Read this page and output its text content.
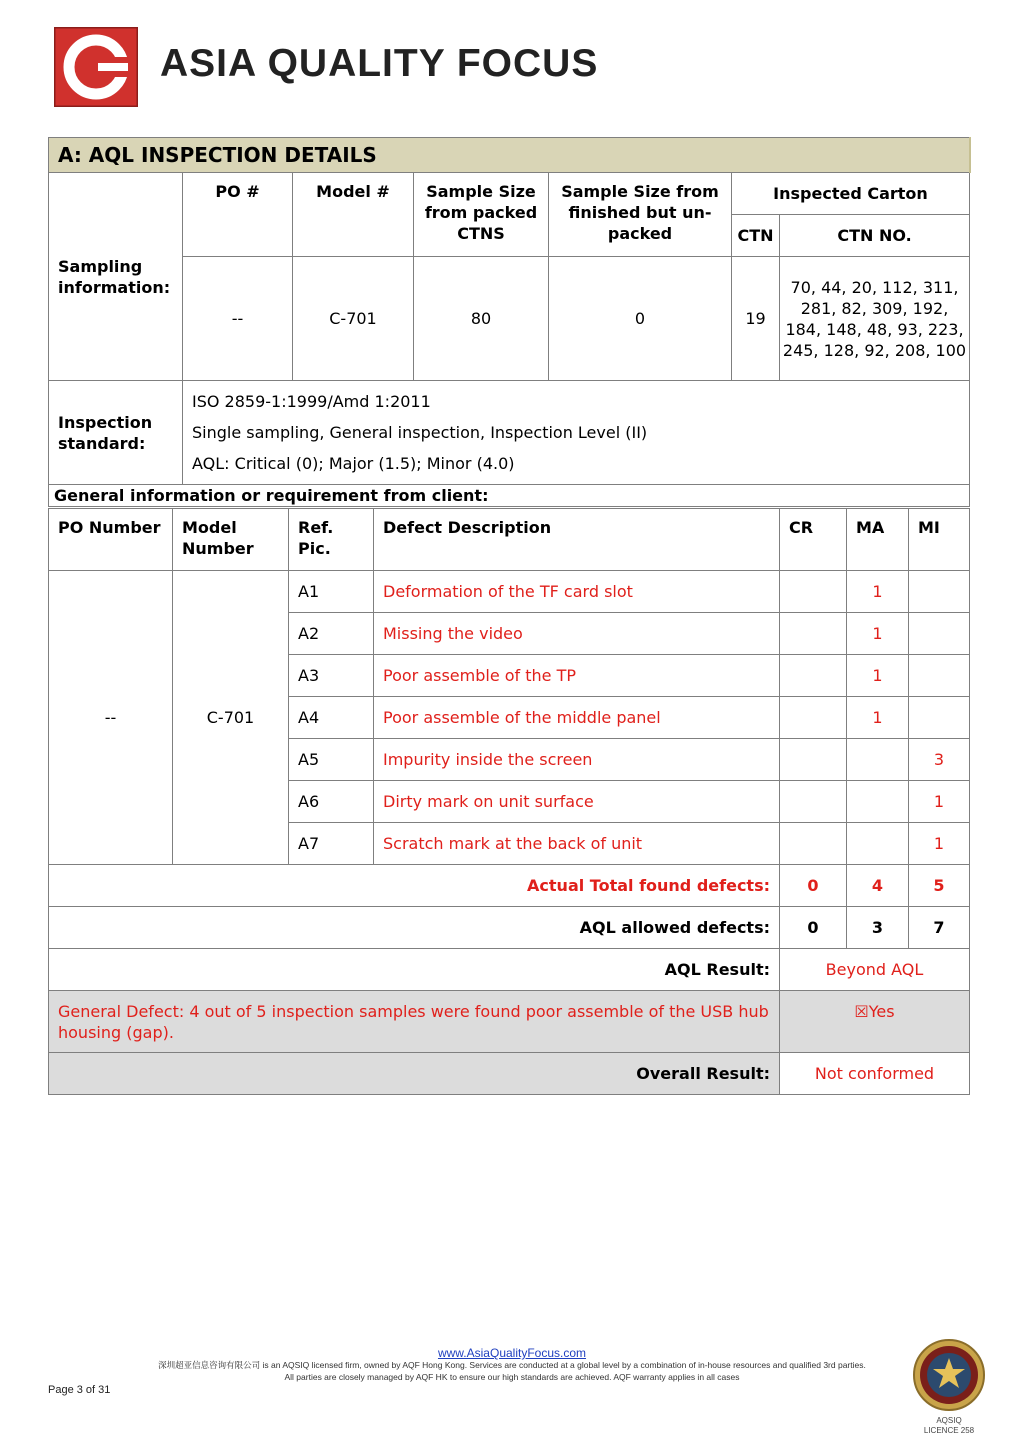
ASIA QUALITY FOCUS
A: AQL INSPECTION DETAILS						
Sampling information:	PO #	Model #	Sample Size from packed CTNS	Sample Size from finished but un-packed	Inspected Carton	
					CTN	CTN NO.
	--	C-701	80	0	19	70, 44, 20, 112, 311, 281, 82, 309, 192, 184, 148, 48, 93, 223, 245, 128, 92, 208, 100
Inspection standard:	ISO 2859-1:1999/Amd 1:2011
Single sampling, General inspection, Inspection Level (II)
AQL: Critical (0); Major (1.5); Minor (4.0)					

General information or requirement from client:						
PO Number	Model Number	Ref. Pic.	Defect Description	CR	MA	MI
--	C-701	A1	Deformation of the TF card slot		1	
		A2	Missing the video		1	
		A3	Poor assemble of the TP		1	
		A4	Poor assemble of the middle panel		1	
		A5	Impurity inside the screen			3
		A6	Dirty mark on unit surface			1
		A7	Scratch mark at the back of unit			1
Actual Total found defects:				0	4	5
AQL allowed defects:				0	3	7
AQL Result:				Beyond AQL		
General Defect: 4 out of 5 inspection samples were found poor assemble of the USB hub housing (gap).				☒Yes		
Overall Result:				Not conformed		
www.AsiaQualityFocus.com
深圳超亚信息咨询有限公司 is an AQSIQ licensed firm, owned by AQF Hong Kong. Services are conducted at a global level by a combination of in-house resources and qualified 3rd parties.
All parties are closely managed by AQF HK to ensure our high standards are achieved. AQF warranty applies in all cases
Page 3 of 31
AQSIQ
LICENCE 258
